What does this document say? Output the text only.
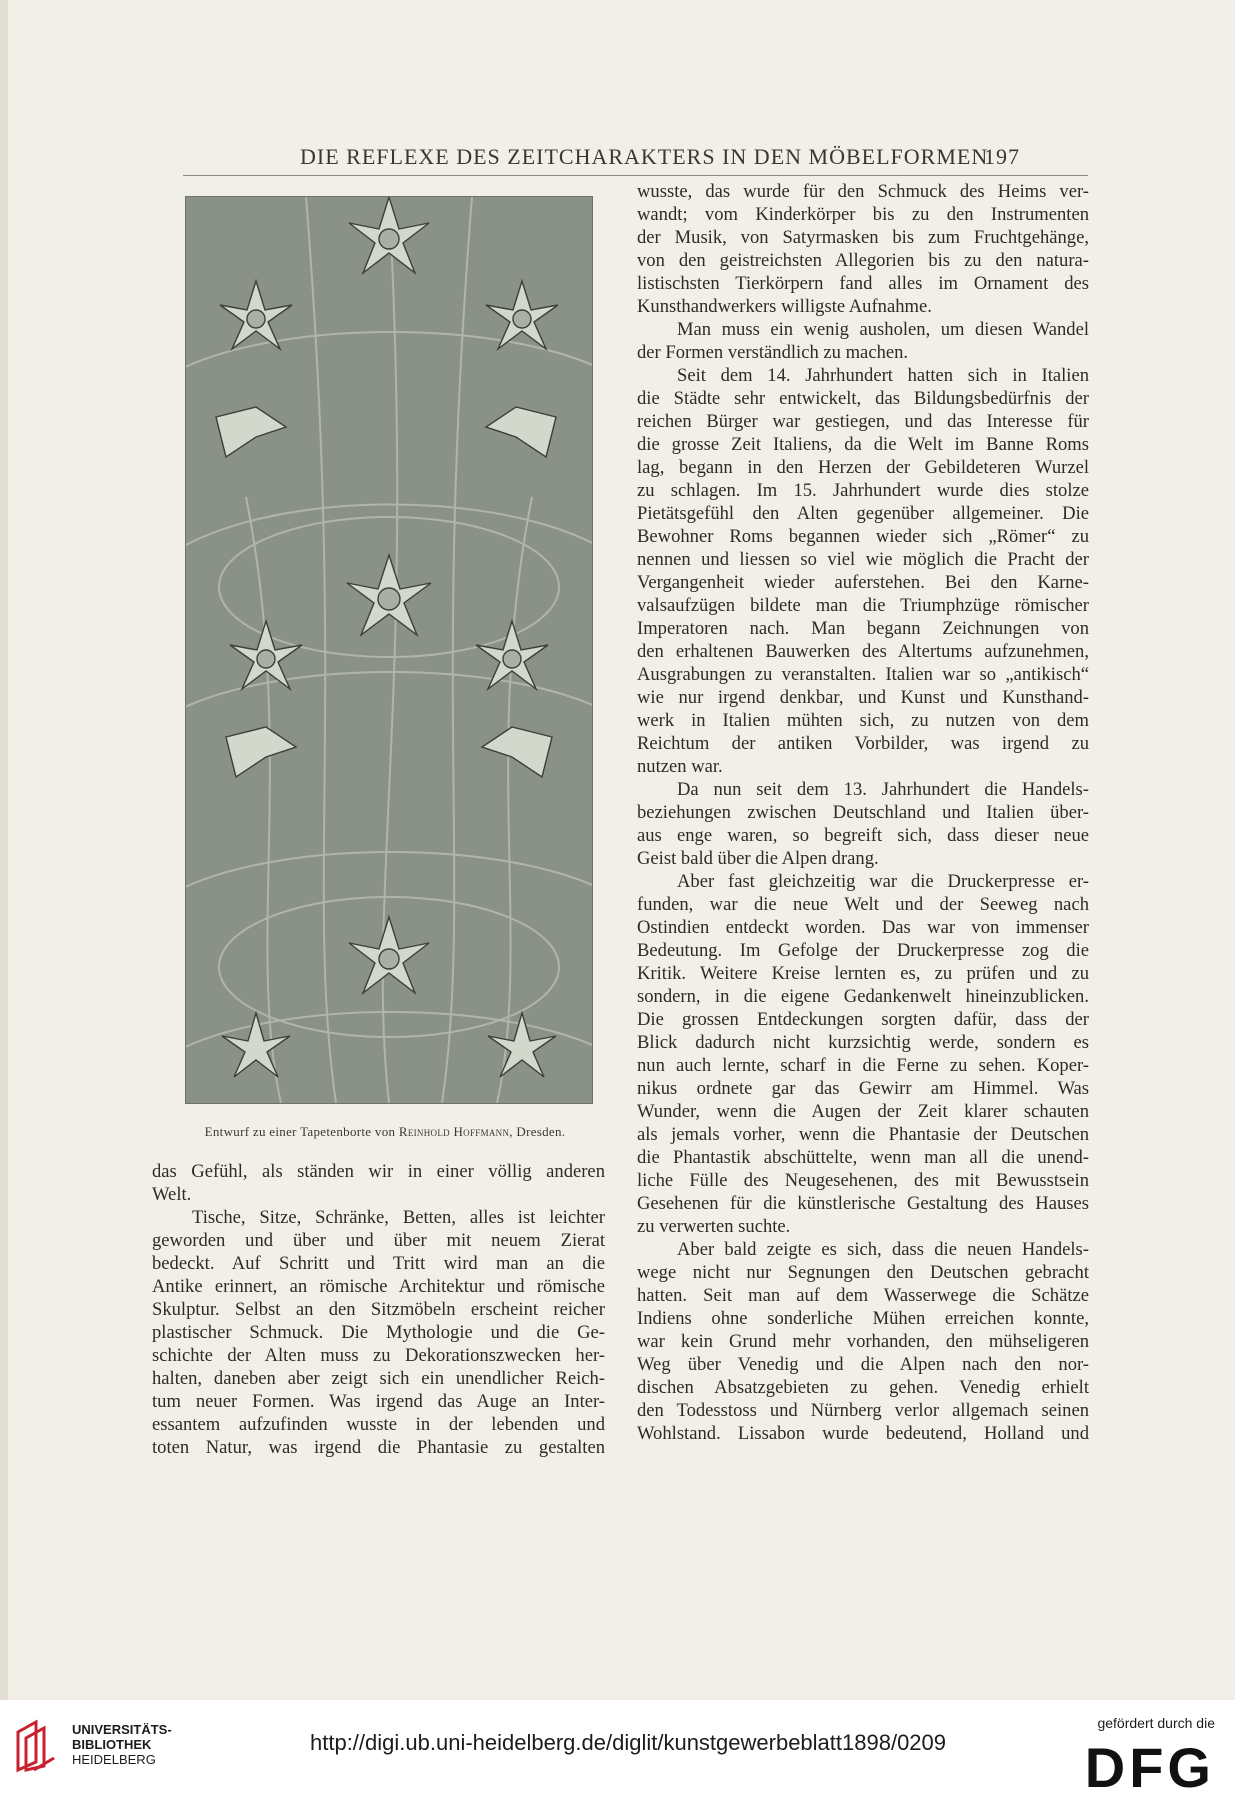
DIE REFLEXE DES ZEITCHARAKTERS IN DEN MÖBELFORMEN
197
Entwurf zu einer Tapetenborte von Reinhold Hoffmann, Dresden.
wusste, das wurde für den Schmuck des Heims ver-
wandt; vom Kinderkörper bis zu den Instrumenten
der Musik, von Satyrmasken bis zum Fruchtgehänge,
von den geistreichsten Allegorien bis zu den natura-
listischsten Tierkörpern fand alles im Ornament des
Kunsthandwerkers willigste Aufnahme.
Man muss ein wenig ausholen, um diesen Wandel
der Formen verständlich zu machen.
Seit dem 14. Jahrhundert hatten sich in Italien
die Städte sehr entwickelt, das Bildungsbedürfnis der
reichen Bürger war gestiegen, und das Interesse für
die grosse Zeit Italiens, da die Welt im Banne Roms
lag, begann in den Herzen der Gebildeteren Wurzel
zu schlagen. Im 15. Jahrhundert wurde dies stolze
Pietätsgefühl den Alten gegenüber allgemeiner. Die
Bewohner Roms begannen wieder sich „Römer“ zu
nennen und liessen so viel wie möglich die Pracht der
Vergangenheit wieder auferstehen. Bei den Karne-
valsaufzügen bildete man die Triumphzüge römischer
Imperatoren nach. Man begann Zeichnungen von
den erhaltenen Bauwerken des Altertums aufzunehmen,
Ausgrabungen zu veranstalten. Italien war so „antikisch“
wie nur irgend denkbar, und Kunst und Kunsthand-
werk in Italien mühten sich, zu nutzen von dem
Reichtum der antiken Vorbilder, was irgend zu
nutzen war.
Da nun seit dem 13. Jahrhundert die Handels-
beziehungen zwischen Deutschland und Italien über-
aus enge waren, so begreift sich, dass dieser neue
Geist bald über die Alpen drang.
Aber fast gleichzeitig war die Druckerpresse er-
funden, war die neue Welt und der Seeweg nach
Ostindien entdeckt worden. Das war von immenser
Bedeutung. Im Gefolge der Druckerpresse zog die
Kritik. Weitere Kreise lernten es, zu prüfen und zu
sondern, in die eigene Gedankenwelt hineinzublicken.
Die grossen Entdeckungen sorgten dafür, dass der
Blick dadurch nicht kurzsichtig werde, sondern es
nun auch lernte, scharf in die Ferne zu sehen. Koper-
nikus ordnete gar das Gewirr am Himmel. Was
Wunder, wenn die Augen der Zeit klarer schauten
als jemals vorher, wenn die Phantasie der Deutschen
die Phantastik abschüttelte, wenn man all die unend-
liche Fülle des Neugesehenen, des mit Bewusstsein
Gesehenen für die künstlerische Gestaltung des Hauses
zu verwerten suchte.
Aber bald zeigte es sich, dass die neuen Handels-
wege nicht nur Segnungen den Deutschen gebracht
hatten. Seit man auf dem Wasserwege die Schätze
Indiens ohne sonderliche Mühen erreichen konnte,
war kein Grund mehr vorhanden, den mühseligeren
Weg über Venedig und die Alpen nach den nor-
dischen Absatzgebieten zu gehen. Venedig erhielt
den Todesstoss und Nürnberg verlor allgemach seinen
Wohlstand. Lissabon wurde bedeutend, Holland und
das Gefühl, als ständen wir in einer völlig anderen
Welt.
Tische, Sitze, Schränke, Betten, alles ist leichter
geworden und über und über mit neuem Zierat
bedeckt. Auf Schritt und Tritt wird man an die
Antike erinnert, an römische Architektur und römische
Skulptur. Selbst an den Sitzmöbeln erscheint reicher
plastischer Schmuck. Die Mythologie und die Ge-
schichte der Alten muss zu Dekorationszwecken her-
halten, daneben aber zeigt sich ein unendlicher Reich-
tum neuer Formen. Was irgend das Auge an Inter-
essantem aufzufinden wusste in der lebenden und
toten Natur, was irgend die Phantasie zu gestalten
UNIVERSITÄTS-
BIBLIOTHEK
HEIDELBERG
http://digi.ub.uni-heidelberg.de/diglit/kunstgewerbeblatt1898/0209
gefördert durch die
DFG
